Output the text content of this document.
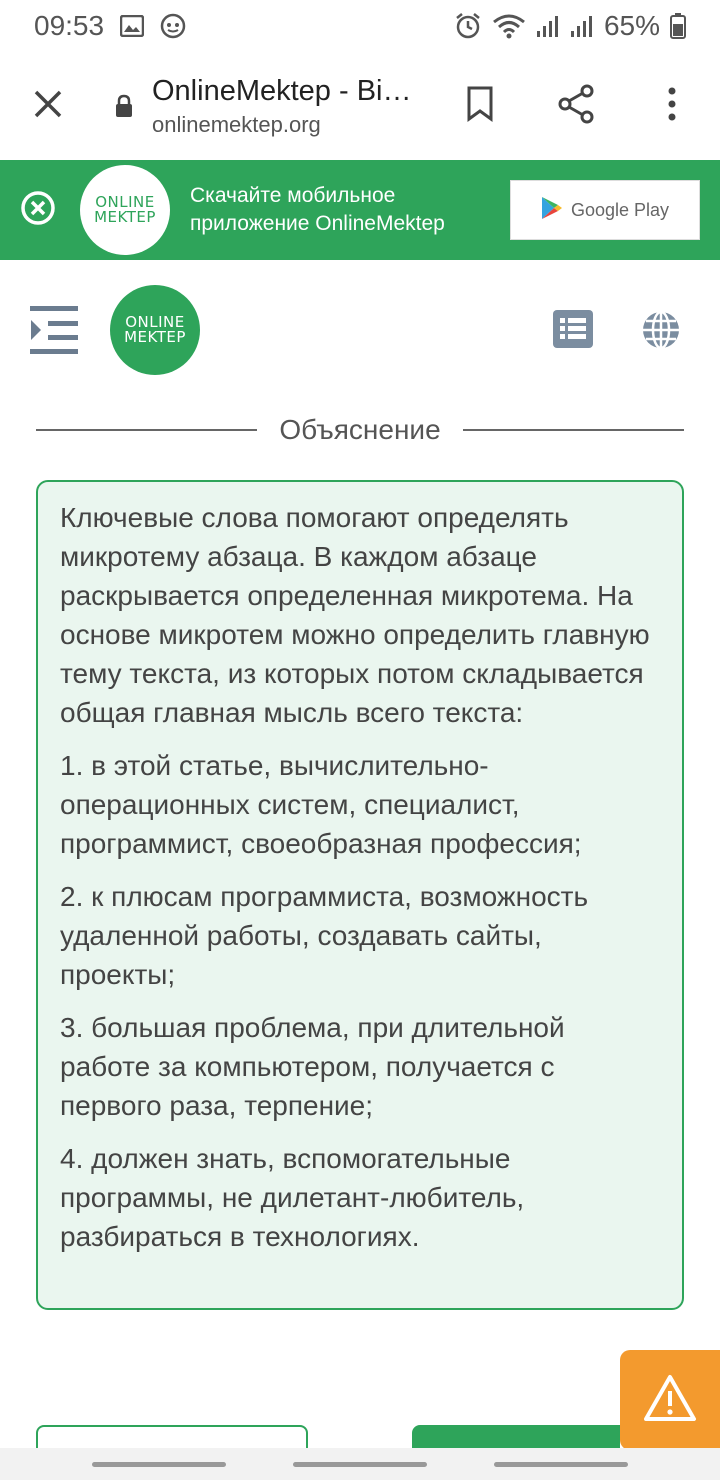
09:53	65%
OnlineMektep - Bi…
onlinemektep.org
ONLINE
MEKTEP
Скачайте мобильное приложение OnlineMektep
Google Play
ONLINE
MEKTEP
Объяснение

Ключевые слова помогают определять микротему абзаца. В каждом абзаце раскрывается определенная микротема. На основе микротем можно определить главную тему текста, из которых потом складывается общая главная мысль всего текста:

1. в этой статье, вычислительно-операционных систем, специалист, программист, своеобразная профессия;

2. к плюсам программиста, возможность удаленной работы, создавать сайты, проекты;

3. большая проблема, при длительной работе за компьютером, получается с первого раза, терпение;

4. должен знать, вспомогательные программы, не дилетант-любитель, разбираться в технологиях.
